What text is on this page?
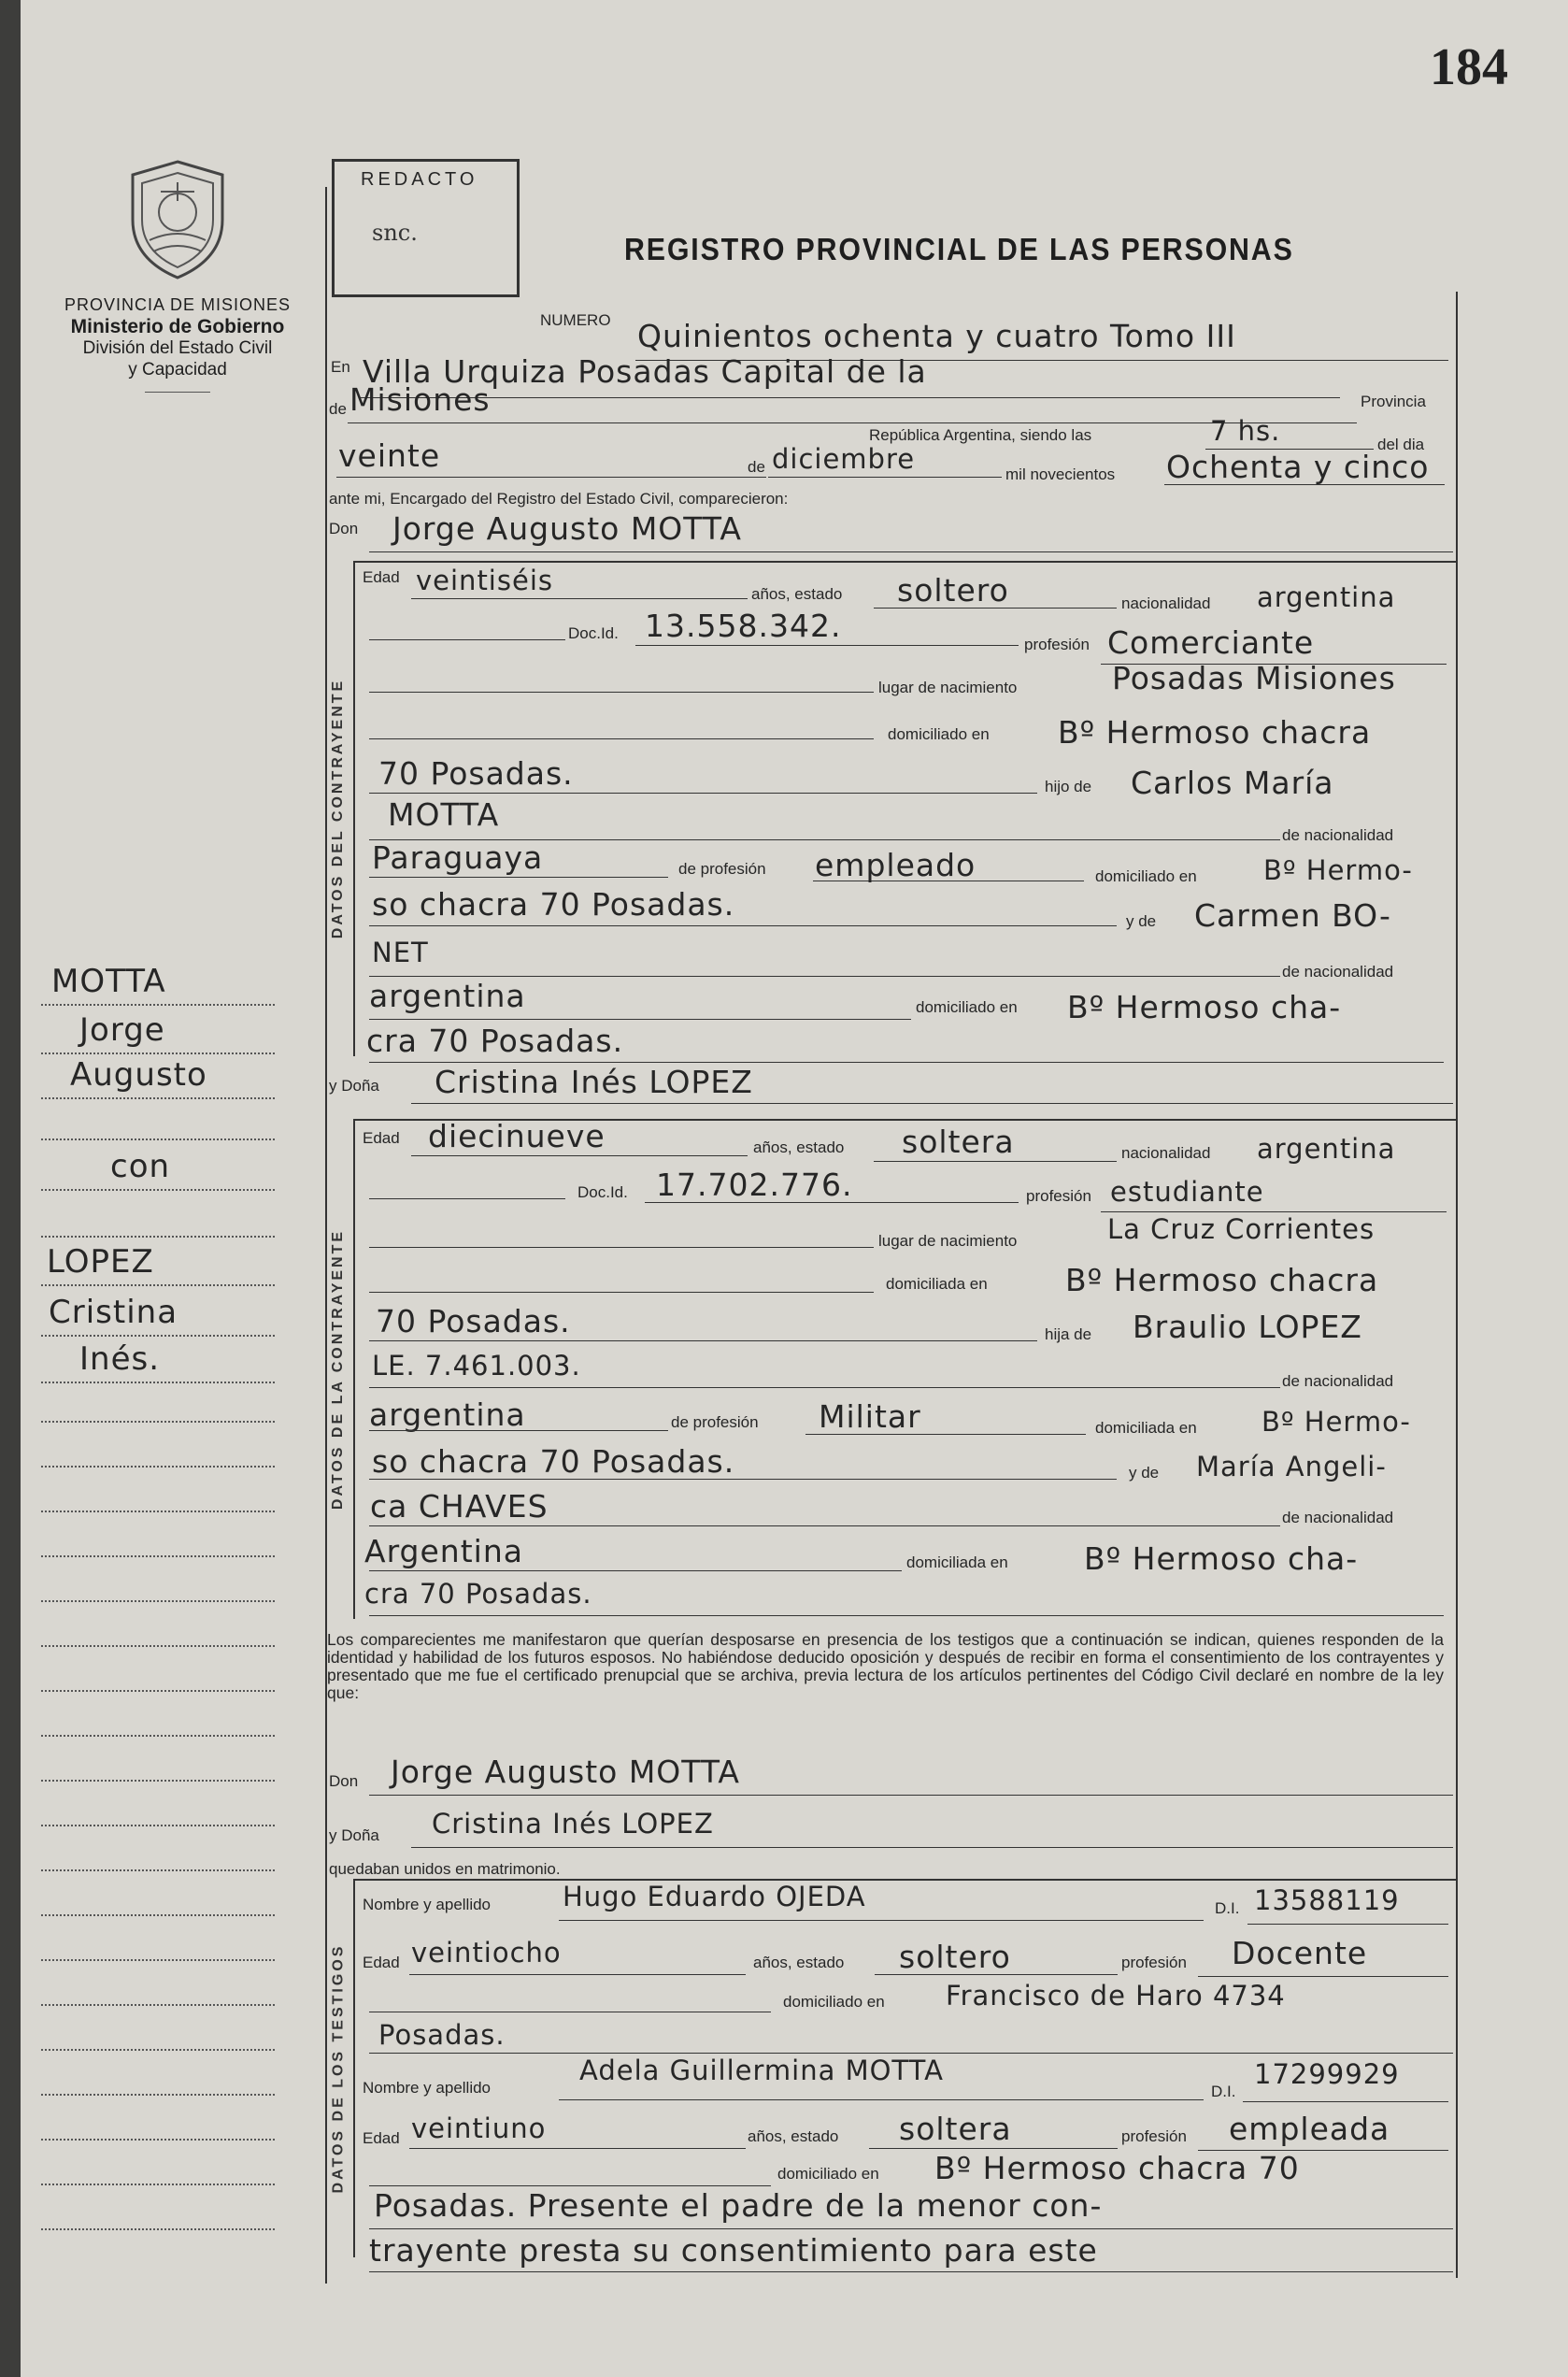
184
PROVINCIA DE MISIONES
Ministerio de Gobierno
División del Estado Civil
y Capacidad
REDACTO
snc.	REGISTRO PROVINCIAL DE LAS PERSONAS
DATOS DEL CONTRAYENTE
DATOS DE LA CONTRAYENTE
DATOS DE LOS TESTIGOS
MOTTA
Jorge
Augusto
con
LOPEZ
Cristina
Inés.
NUMERO Quinientos ochenta y cuatro Tomo III
En Villa Urquiza Posadas Capital de la
de Misiones	Provincia
República Argentina, siendo las	7 hs.	del dia
veinte	de diciembre	mil novecientos Ochenta y cinco
ante mi, Encargado del Registro del Estado Civil, comparecieron:
Don Jorge Augusto MOTTA
Edad veintiséis	años, estado soltero	nacionalidad argentina
Doc.Id. 13.558.342.
profesión Comerciante
lugar de nacimiento	Posadas Misiones
domiciliado en Bº Hermoso chacra
70 Posadas.	hijo de Carlos María
MOTTA
de nacionalidad
Paraguaya	de profesión empleado	domiciliado en Bº Hermo-
so chacra 70 Posadas.	y de Carmen BO-
NET
de nacionalidad
argentina	domiciliado en Bº Hermoso cha-
cra 70 Posadas.
y Doña Cristina Inés LOPEZ
Edad diecinueve	años, estado soltera	nacionalidad argentina
Doc.Id. 17.702.776.	profesión estudiante
lugar de nacimiento	La Cruz Corrientes
domiciliada en	Bº Hermoso chacra
70 Posadas.	hija de Braulio LOPEZ
LE. 7.461.003.	de nacionalidad
argentina	de profesión Militar	domiciliada en Bº Hermo-
so chacra 70 Posadas.	y de María Angeli-
ca CHAVES	de nacionalidad
Argentina	domiciliada en Bº Hermoso cha-
cra 70 Posadas.
Los comparecientes me manifestaron que querían desposarse en presencia de los testigos que a continuación se indican, quienes responden de la identidad y habilidad de los futuros esposos. No habiéndose deducido oposición y después de recibir en forma el consentimiento de los contrayentes y presentado que me fue el certificado prenupcial que se archiva, previa lectura de los artículos pertinentes del Código Civil declaré en nombre de la ley que:
Don Jorge Augusto MOTTA
y Doña Cristina Inés LOPEZ
quedaban unidos en matrimonio.
Nombre y apellido	Hugo Eduardo OJEDA	D.I. 13588119
Edad veintiocho	años, estado soltero	profesión Docente
domiciliado en Francisco de Haro 4734
Posadas.
Nombre y apellido
Adela Guillermina MOTTA
D.I.
17299929
Edad veintiuno	años, estado soltera	profesión empleada
domiciliado en Bº Hermoso chacra 70
Posadas. Presente el padre de la menor con-
trayente presta su consentimiento para este
